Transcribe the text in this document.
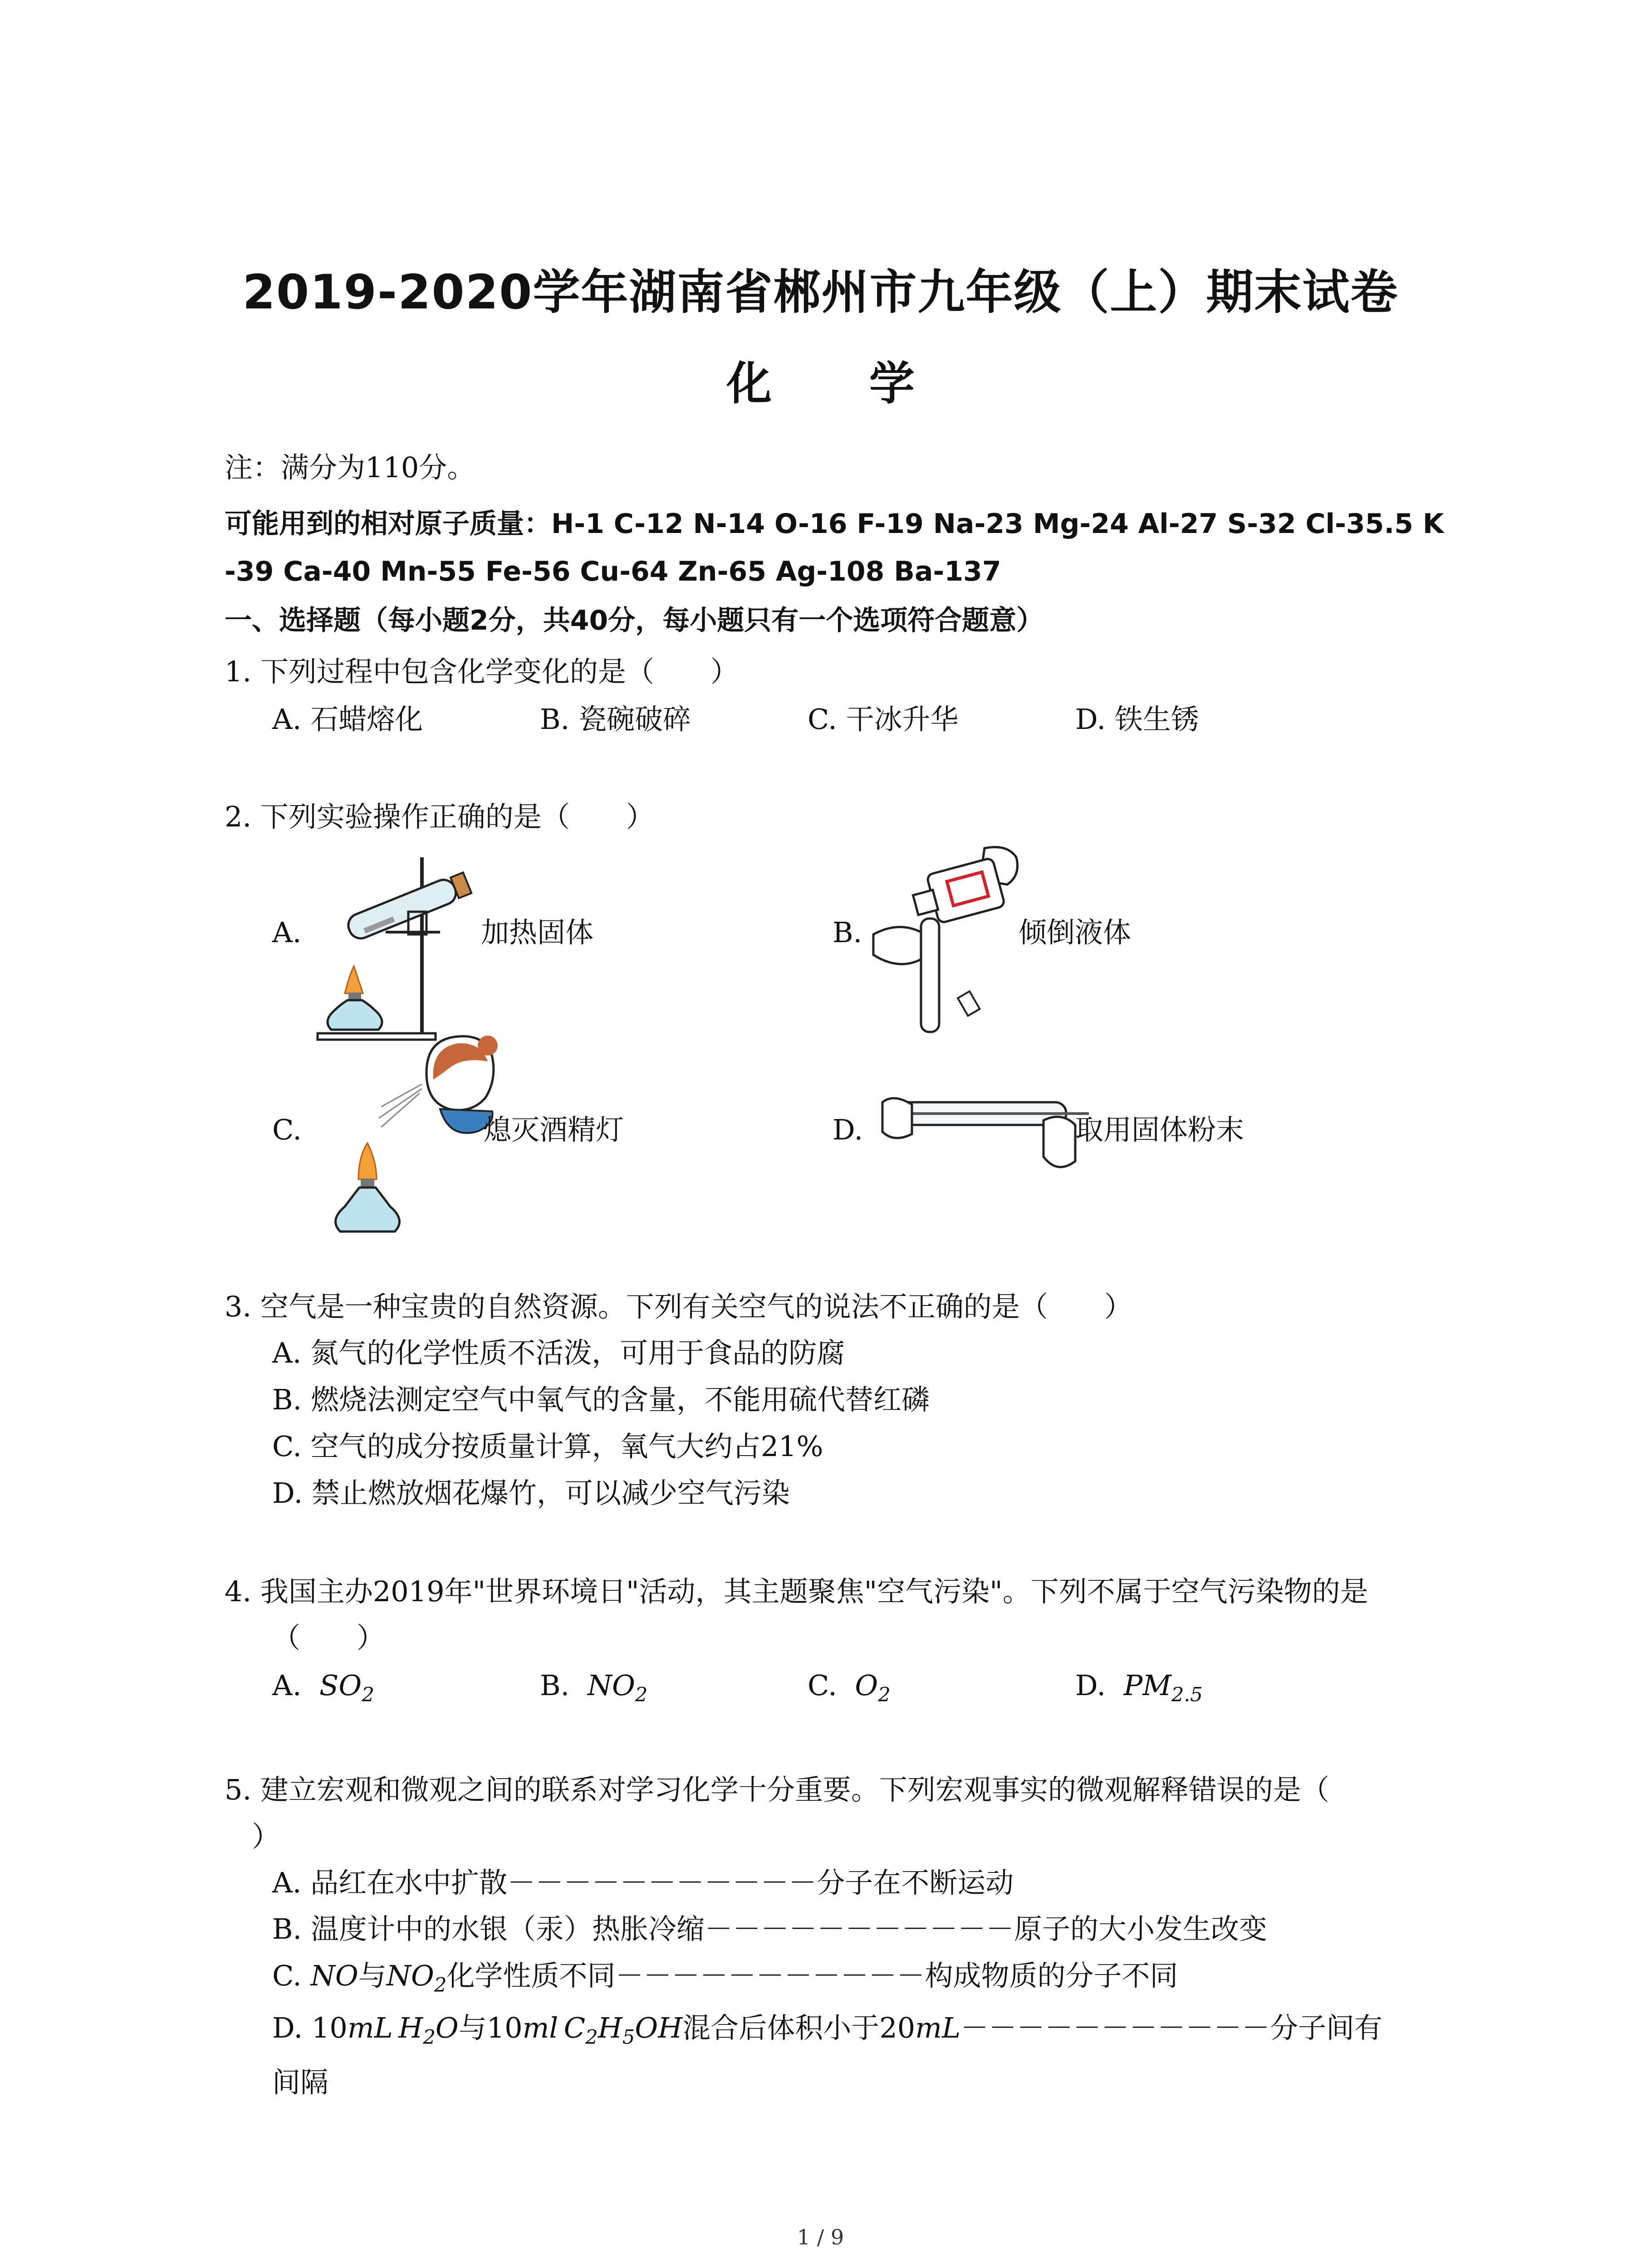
2019-2020学年湖南省郴州市九年级（上）期末试卷
化 学
注：满分为110分。
可能用到的相对原子质量：H-1 C-12 N-14 O-16 F-19 Na-23 Mg-24 Al-27 S-32 Cl-35.5 K
-39 Ca-40 Mn-55 Fe-56 Cu-64 Zn-65 Ag-108 Ba-137
一、选择题（每小题2分，共40分，每小题只有一个选项符合题意）
1. 下列过程中包含化学变化的是（　　）
A. 石蜡熔化	B. 瓷碗破碎	C. 干冰升华	D. 铁生锈
2. 下列实验操作正确的是（　　）
A.	加热固体	B.	倾倒液体
C.	熄灭酒精灯	D.	取用固体粉末
3. 空气是一种宝贵的自然资源。下列有关空气的说法不正确的是（　　）
A. 氮气的化学性质不活泼，可用于食品的防腐
B. 燃烧法测定空气中氧气的含量，不能用硫代替红磷
C. 空气的成分按质量计算，氧气大约占21%
D. 禁止燃放烟花爆竹，可以减少空气污染
4. 我国主办2019年"世界环境日"活动，其主题聚焦"空气污染"。下列不属于空气污染物的是
（　　）
A. $SO_2$	B. $NO_2$	C. $O_2$	D. $PM_{2.5}$
5. 建立宏观和微观之间的联系对学习化学十分重要。下列宏观事实的微观解释错误的是（
）
A. 品红在水中扩散－－－－－－－－－－－分子在不断运动
B. 温度计中的水银（汞）热胀冷缩－－－－－－－－－－－原子的大小发生改变
C. NO与$NO_2$化学性质不同－－－－－－－－－－－构成物质的分子不同
D. 10mL  $H_2O$与10ml  $C_2H_5OH$混合后体积小于20mL－－－－－－－－－－－分子间有
间隔
1 / 9
